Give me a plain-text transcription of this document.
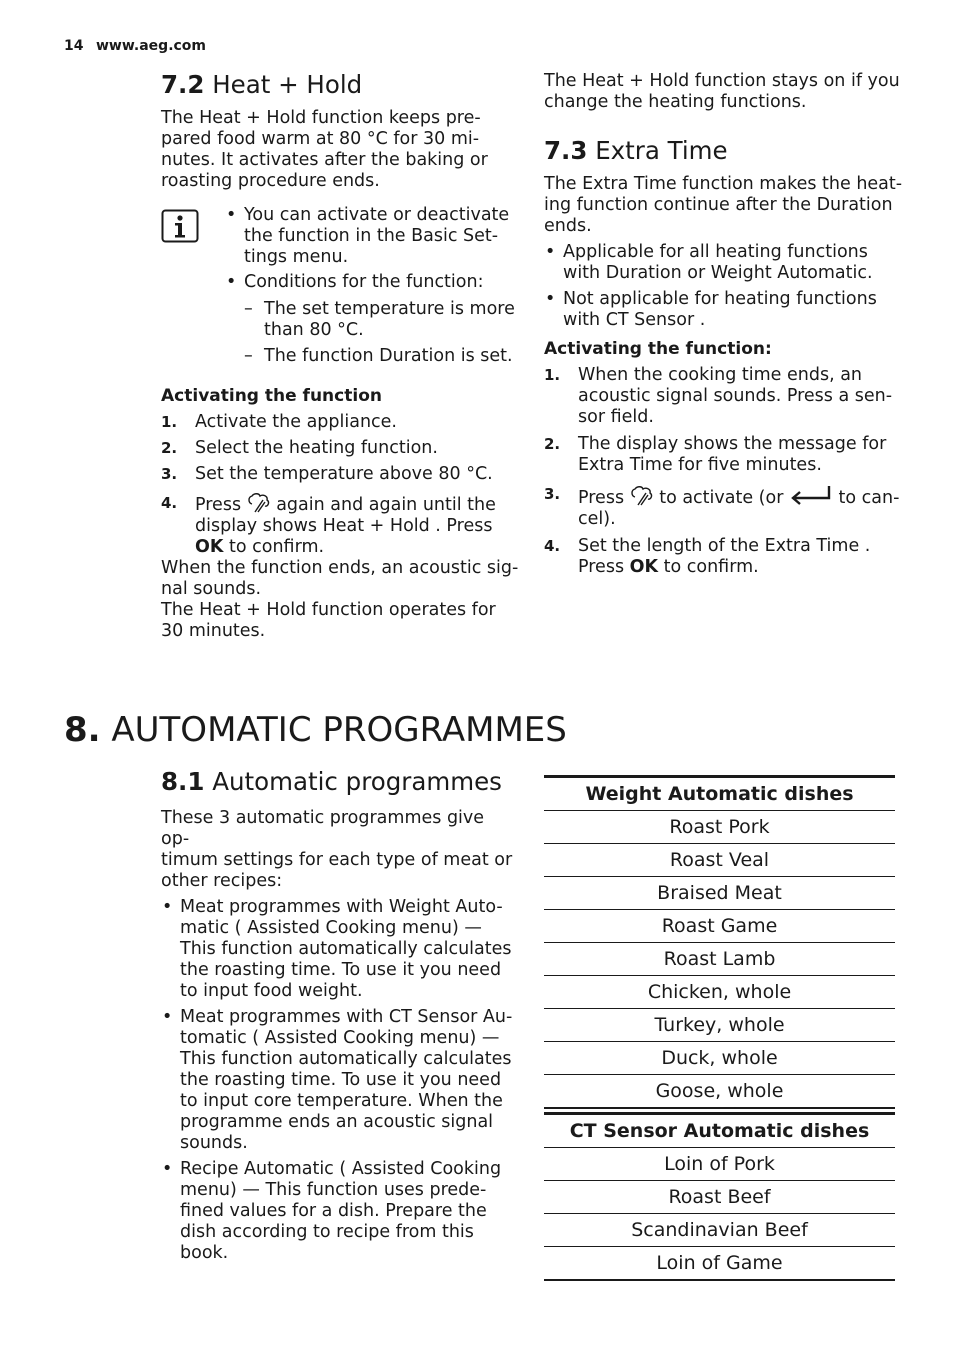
14 www.aeg.com
7.2 Heat + Hold

The Heat + Hold function keeps pre-
pared food warm at 80 °C for 30 mi-
nutes. It activates after the baking or
roasting procedure ends.

• You can activate or deactivate
the function in the Basic Set-
tings menu.
• Conditions for the function:
– The set temperature is more
than 80 °C.
– The function Duration is set.

Activating the function

1. Activate the appliance.
2. Select the heating function.
3. Set the temperature above 80 °C.
4. Press  again and again until the
display shows Heat + Hold . Press
OK to confirm.

When the function ends, an acoustic sig-
nal sounds.
The Heat + Hold function operates for
30 minutes.

The Heat + Hold function stays on if you
change the heating functions.

7.3 Extra Time

The Extra Time function makes the heat-
ing function continue after the Duration
ends.

• Applicable for all heating functions
with Duration or Weight Automatic.
• Not applicable for heating functions
with CT Sensor .

Activating the function:

1. When the cooking time ends, an
acoustic signal sounds. Press a sen-
sor field.
2. The display shows the message for
Extra Time for five minutes.
3. Press  to activate (or	to can-
cel).
4. Set the length of the Extra Time .
Press OK to confirm.
8. AUTOMATIC PROGRAMMES
8.1 Automatic programmes

These 3 automatic programmes give op-
timum settings for each type of meat or
other recipes:

• Meat programmes with Weight Auto-
matic ( Assisted Cooking menu) —
This function automatically calculates
the roasting time. To use it you need
to input food weight.
• Meat programmes with CT Sensor Au-
tomatic ( Assisted Cooking menu) —
This function automatically calculates
the roasting time. To use it you need
to input core temperature. When the
programme ends an acoustic signal
sounds.
• Recipe Automatic ( Assisted Cooking
menu) — This function uses prede-
fined values for a dish. Prepare the
dish according to recipe from this
book.
Weight Automatic dishes
Roast Pork
Roast Veal
Braised Meat
Roast Game
Roast Lamb
Chicken, whole
Turkey, whole
Duck, whole
Goose, whole
CT Sensor Automatic dishes
Loin of Pork
Roast Beef
Scandinavian Beef
Loin of Game
